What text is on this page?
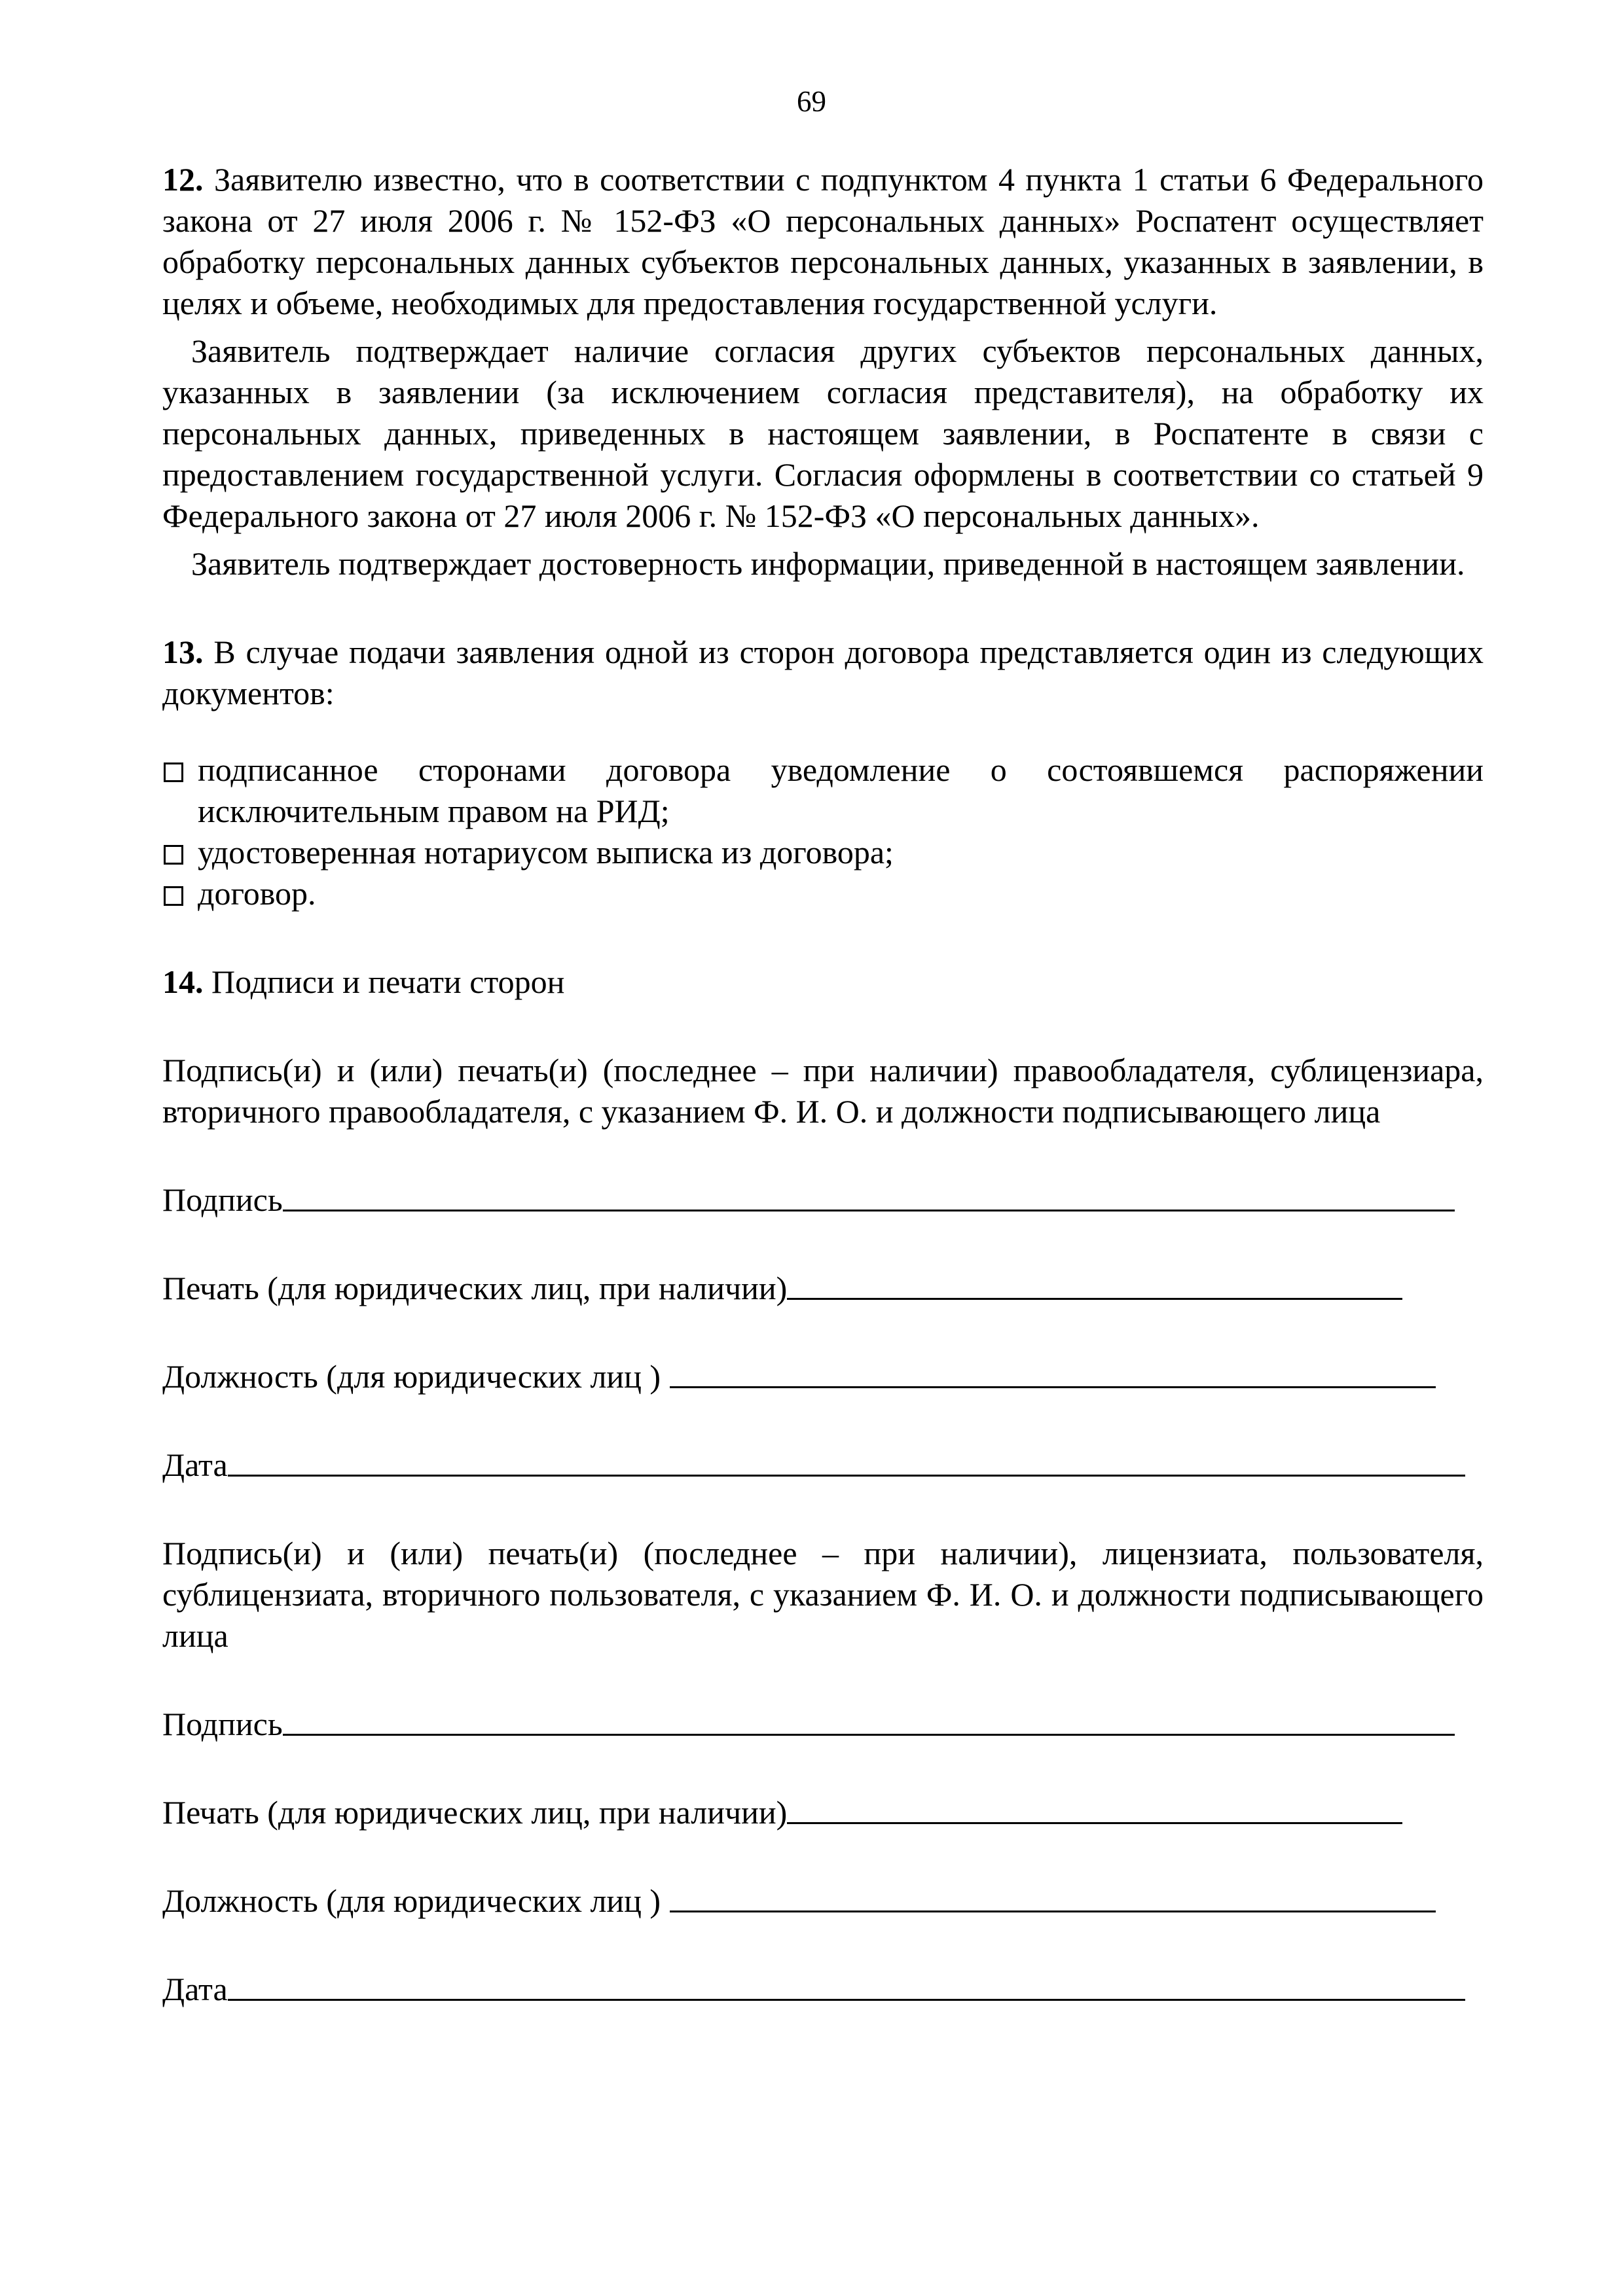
69

12. Заявителю известно, что в соответствии с подпунктом 4 пункта 1 статьи 6 Федерального закона от 27 июля 2006 г. № 152-ФЗ «О персональных данных» Роспатент осуществляет обработку персональных данных субъектов персональных данных, указанных в заявлении, в целях и объеме, необходимых для предоставления государственной услуги.

Заявитель подтверждает наличие согласия других субъектов персональных данных, указанных в заявлении (за исключением согласия представителя), на обработку их персональных данных, приведенных в настоящем заявлении, в Роспатенте в связи с предоставлением государственной услуги. Согласия оформлены в соответствии со статьей 9 Федерального закона от 27 июля 2006 г. № 152-ФЗ «О персональных данных».

Заявитель подтверждает достоверность информации, приведенной в настоящем заявлении.

13. В случае подачи заявления одной из сторон договора представляется один из следующих документов:

подписанное сторонами договора уведомление о состоявшемся распоряжении исключительным правом на РИД;
удостоверенная нотариусом выписка из договора;
договор.

14. Подписи и печати сторон

Подпись(и) и (или) печать(и) (последнее – при наличии) правообладателя, сублицензиара, вторичного правообладателя, с указанием Ф. И. О. и должности подписывающего лица

Подпись
Печать (для юридических лиц, при наличии)
Должность (для юридических лиц )
Дата

Подпись(и) и (или) печать(и) (последнее – при наличии), лицензиата, пользователя, сублицензиата, вторичного пользователя, с указанием Ф. И. О. и должности подписывающего лица

Подпись
Печать (для юридических лиц, при наличии)
Должность (для юридических лиц )
Дата
